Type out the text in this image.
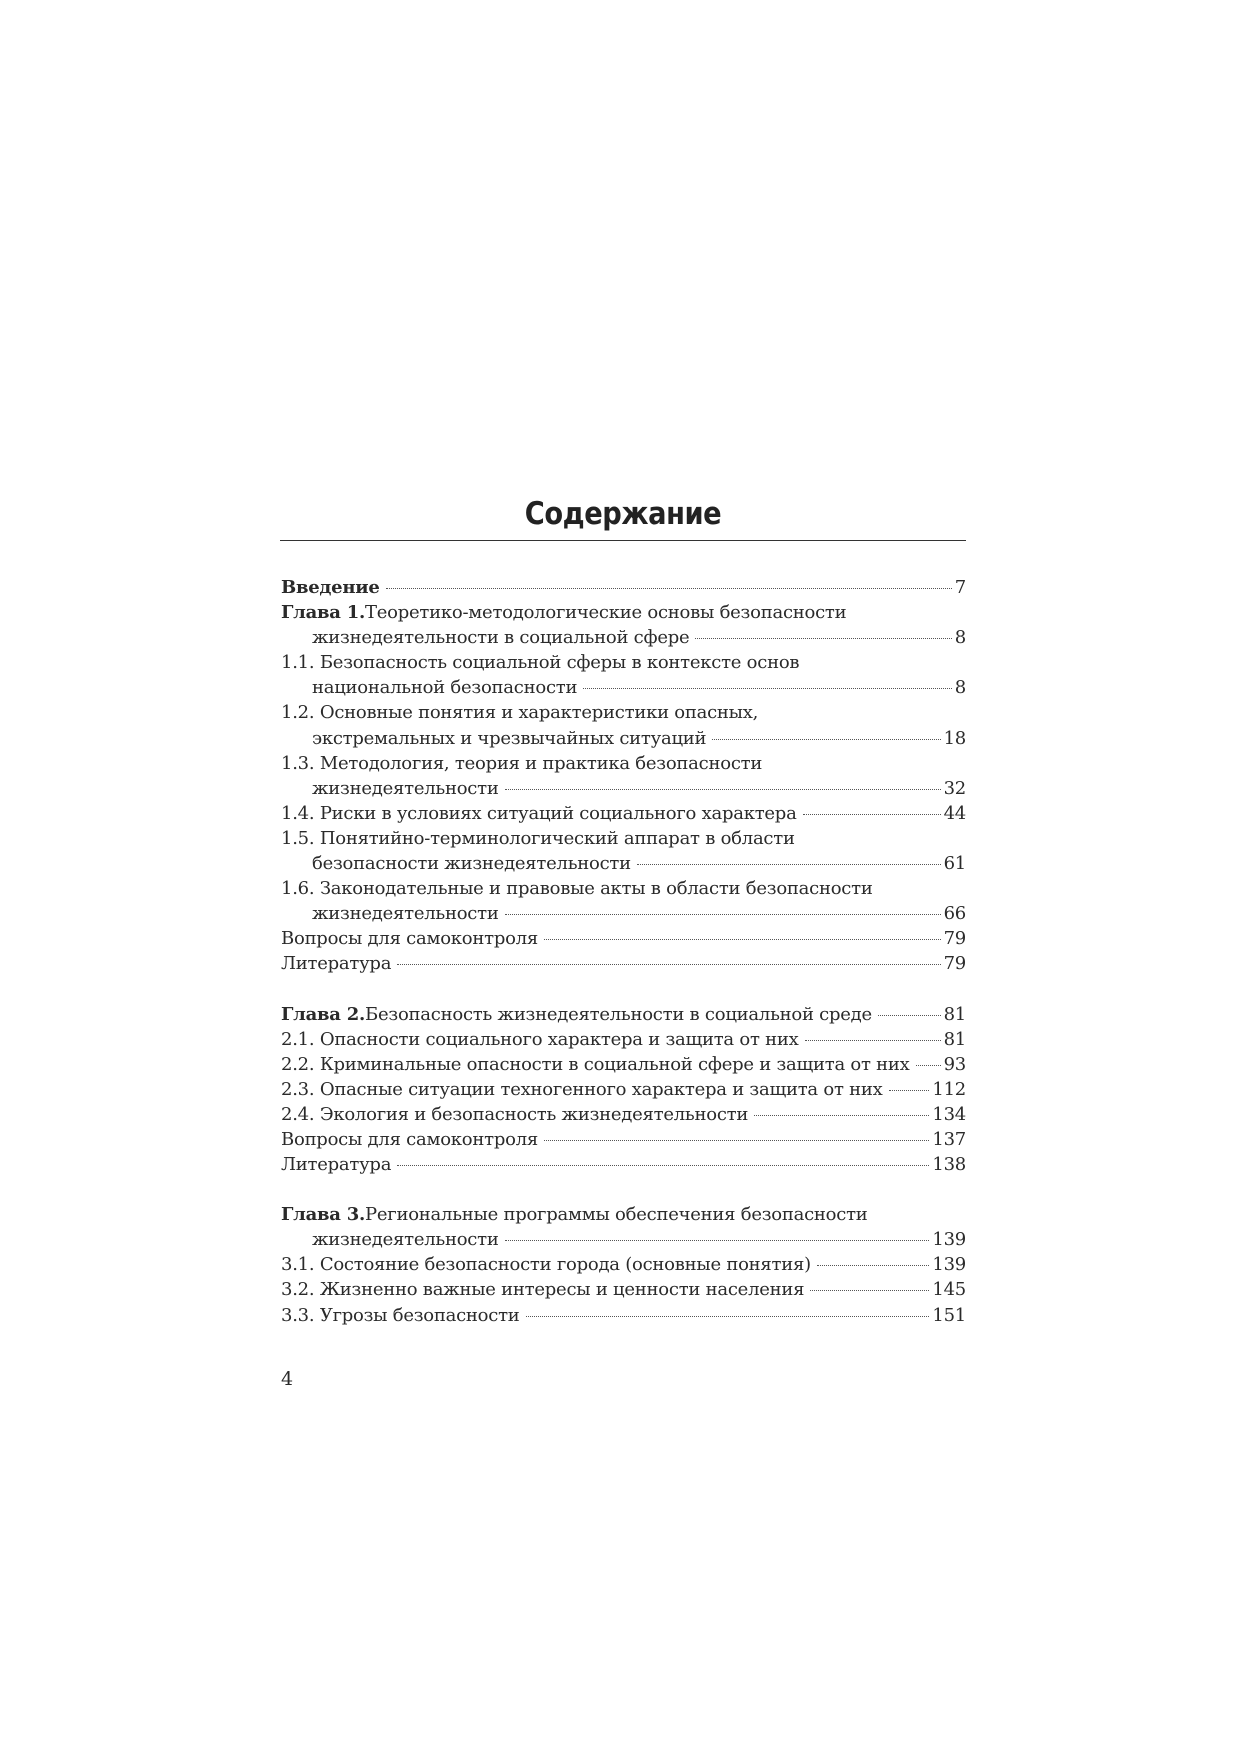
Содержание
Введение	7
Глава 1. Теоретико-методологические основы безопасности
жизнедеятельности в социальной сфере	8
1.1. Безопасность социальной сферы в контексте основ
национальной безопасности	8
1.2. Основные понятия и характеристики опасных,
экстремальных и чрезвычайных ситуаций	18
1.3. Методология, теория и практика безопасности
жизнедеятельности	32
1.4. Риски в условиях ситуаций социального характера	44
1.5. Понятийно-терминологический аппарат в области
безопасности жизнедеятельности	61
1.6. Законодательные и правовые акты в области безопасности
жизнедеятельности	66
Вопросы для самоконтроля	79
Литература	79
Глава 2. Безопасность жизнедеятельности в социальной среде	81
2.1. Опасности социального характера и защита от них	81
2.2. Криминальные опасности в социальной сфере и защита от них 93
2.3. Опасные ситуации техногенного характера и защита от них	112
2.4. Экология и безопасность жизнедеятельности	134
Вопросы для самоконтроля	137
Литература	138
Глава 3. Региональные программы обеспечения безопасности
жизнедеятельности	139
3.1. Состояние безопасности города (основные понятия)	139
3.2. Жизненно важные интересы и ценности населения	145
3.3. Угрозы безопасности	151
4
